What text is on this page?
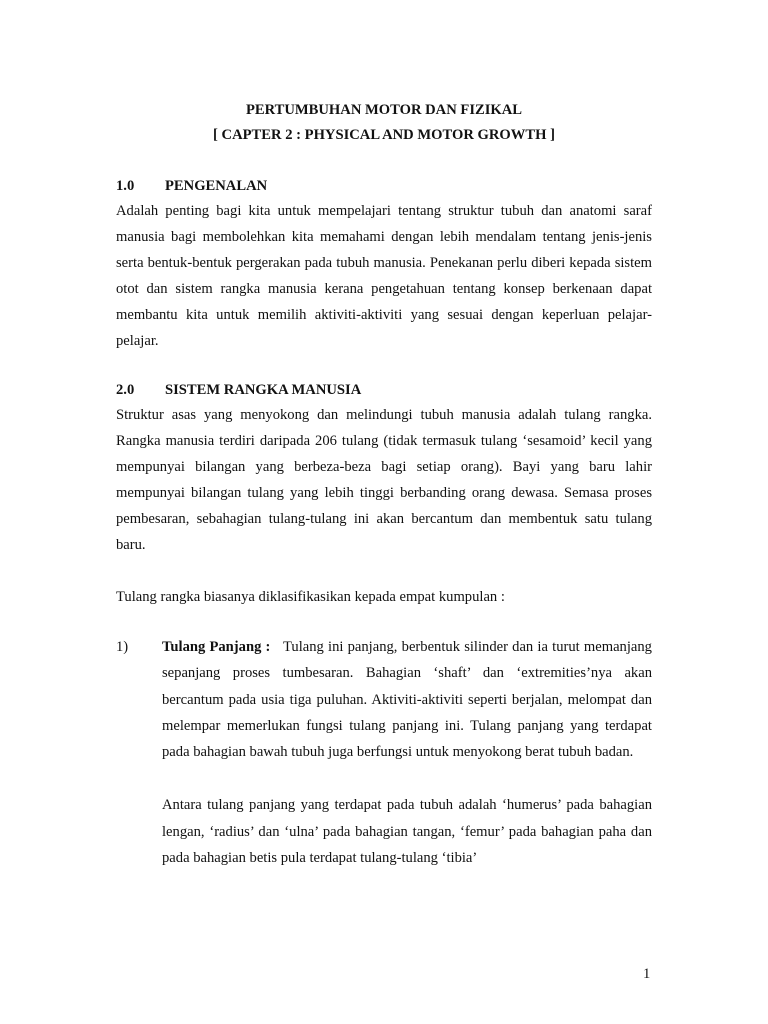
PERTUMBUHAN MOTOR DAN FIZIKAL

[ CAPTER 2 : PHYSICAL AND MOTOR GROWTH ]

1.0	PENGENALAN

Adalah penting bagi kita untuk mempelajari tentang struktur tubuh dan anatomi saraf manusia bagi membolehkan kita memahami dengan lebih mendalam tentang jenis-jenis serta bentuk-bentuk pergerakan pada tubuh manusia. Penekanan perlu diberi kepada sistem otot dan sistem rangka manusia kerana pengetahuan tentang konsep berkenaan dapat membantu kita untuk memilih aktiviti-aktiviti yang sesuai dengan keperluan pelajar-pelajar.

2.0	SISTEM RANGKA MANUSIA

Struktur asas yang menyokong dan melindungi tubuh manusia adalah tulang rangka. Rangka manusia terdiri daripada 206 tulang (tidak termasuk tulang ‘sesamoid’ kecil yang mempunyai bilangan yang berbeza-beza bagi setiap orang). Bayi yang baru lahir mempunyai bilangan tulang yang lebih tinggi berbanding orang dewasa. Semasa proses pembesaran, sebahagian tulang-tulang ini akan bercantum dan membentuk satu tulang baru.

Tulang rangka biasanya diklasifikasikan kepada empat kumpulan :

1)	Tulang Panjang : Tulang ini panjang, berbentuk silinder dan ia turut memanjang sepanjang proses tumbesaran. Bahagian ‘shaft’ dan ‘extremities’nya akan bercantum pada usia tiga puluhan. Aktiviti-aktiviti seperti berjalan, melompat dan melempar memerlukan fungsi tulang panjang ini. Tulang panjang yang terdapat pada bahagian bawah tubuh juga berfungsi untuk menyokong berat tubuh badan.

Antara tulang panjang yang terdapat pada tubuh adalah ‘humerus’ pada bahagian lengan, ‘radius’ dan ‘ulna’ pada bahagian tangan, ‘femur’ pada bahagian paha dan pada bahagian betis pula terdapat tulang-tulang ‘tibia’

1
